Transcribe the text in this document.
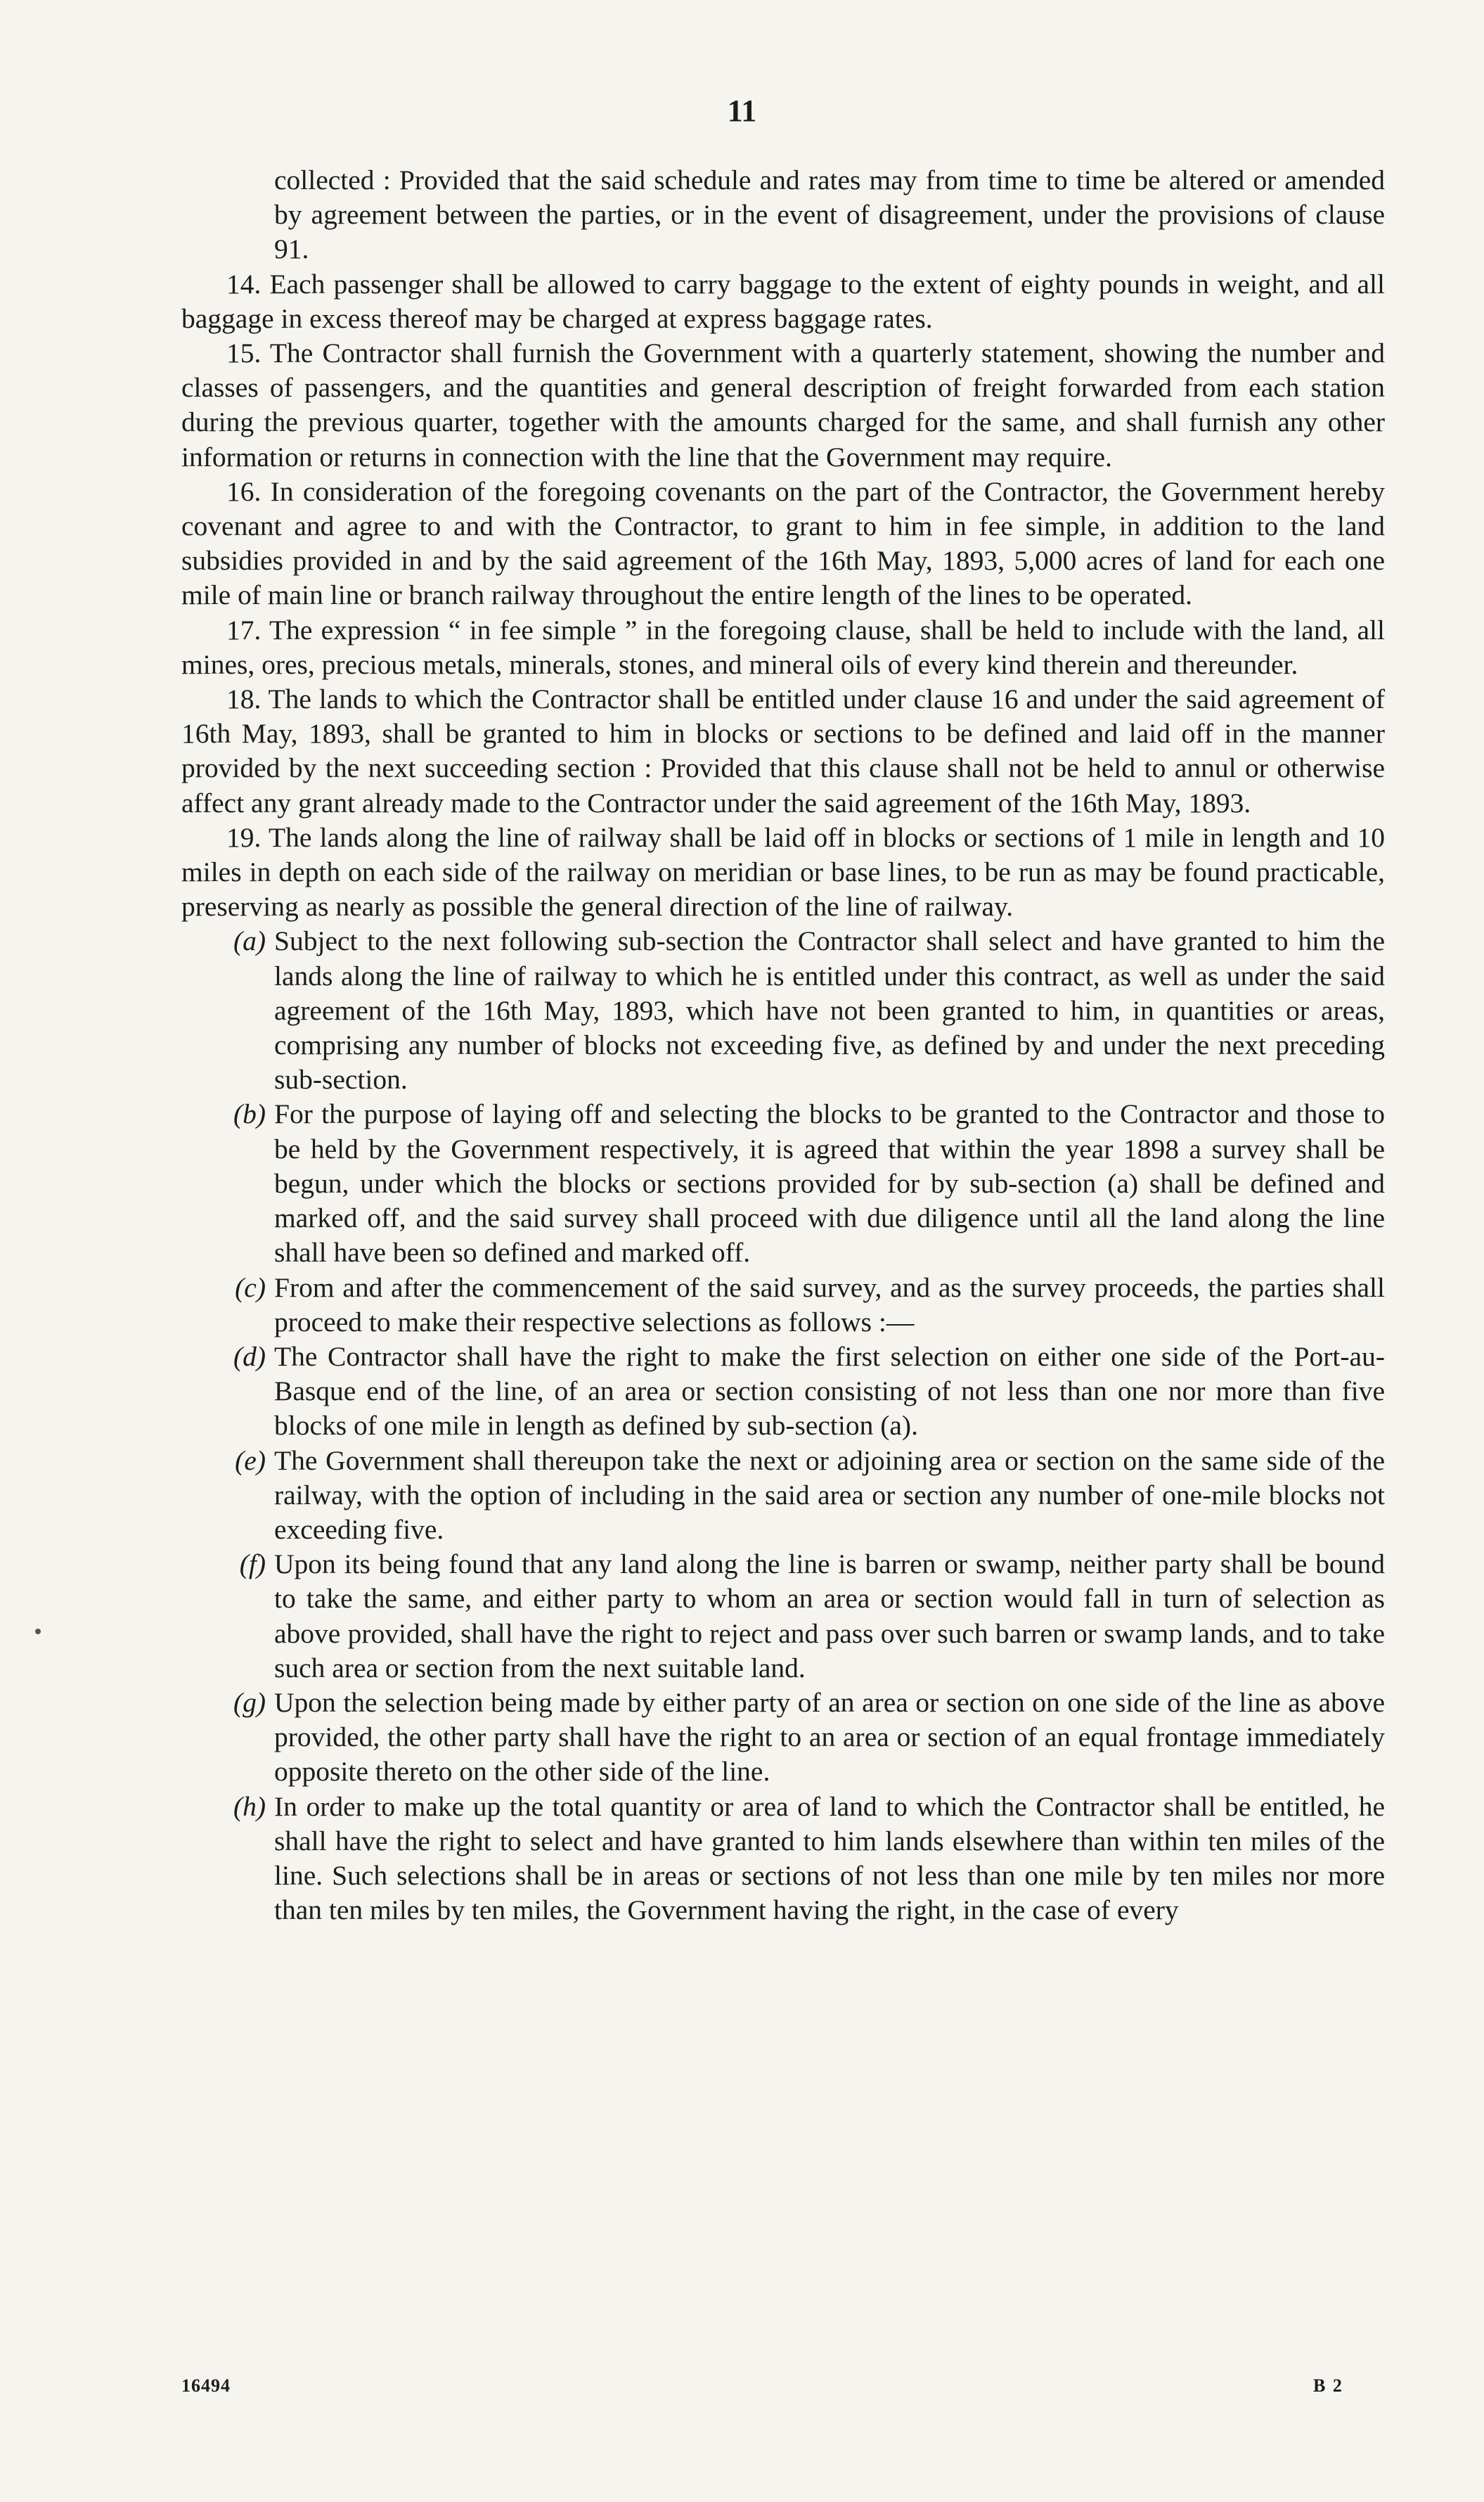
11

collected : Provided that the said schedule and rates may from time to time be altered or amended by agreement between the parties, or in the event of disagreement, under the provisions of clause 91.

14. Each passenger shall be allowed to carry baggage to the extent of eighty pounds in weight, and all baggage in excess thereof may be charged at express baggage rates.

15. The Contractor shall furnish the Government with a quarterly statement, showing the number and classes of passengers, and the quantities and general description of freight forwarded from each station during the previous quarter, together with the amounts charged for the same, and shall furnish any other information or returns in connection with the line that the Government may require.

16. In consideration of the foregoing covenants on the part of the Contractor, the Government hereby covenant and agree to and with the Contractor, to grant to him in fee simple, in addition to the land subsidies provided in and by the said agreement of the 16th May, 1893, 5,000 acres of land for each one mile of main line or branch railway throughout the entire length of the lines to be operated.

17. The expression “ in fee simple ” in the foregoing clause, shall be held to include with the land, all mines, ores, precious metals, minerals, stones, and mineral oils of every kind therein and thereunder.

18. The lands to which the Contractor shall be entitled under clause 16 and under the said agreement of 16th May, 1893, shall be granted to him in blocks or sections to be defined and laid off in the manner provided by the next succeeding section : Provided that this clause shall not be held to annul or otherwise affect any grant already made to the Contractor under the said agreement of the 16th May, 1893.

19. The lands along the line of railway shall be laid off in blocks or sections of 1 mile in length and 10 miles in depth on each side of the railway on meridian or base lines, to be run as may be found practicable, preserving as nearly as possible the general direction of the line of railway.

(a) Subject to the next following sub-section the Contractor shall select and have granted to him the lands along the line of railway to which he is entitled under this contract, as well as under the said agreement of the 16th May, 1893, which have not been granted to him, in quantities or areas, comprising any number of blocks not exceeding five, as defined by and under the next preceding sub-section.

(b) For the purpose of laying off and selecting the blocks to be granted to the Contractor and those to be held by the Government respectively, it is agreed that within the year 1898 a survey shall be begun, under which the blocks or sections provided for by sub-section (a) shall be defined and marked off, and the said survey shall proceed with due diligence until all the land along the line shall have been so defined and marked off.

(c) From and after the commencement of the said survey, and as the survey proceeds, the parties shall proceed to make their respective selections as follows :—

(d) The Contractor shall have the right to make the first selection on either one side of the Port-au-Basque end of the line, of an area or section consisting of not less than one nor more than five blocks of one mile in length as defined by sub-section (a).

(e) The Government shall thereupon take the next or adjoining area or section on the same side of the railway, with the option of including in the said area or section any number of one-mile blocks not exceeding five.

(f) Upon its being found that any land along the line is barren or swamp, neither party shall be bound to take the same, and either party to whom an area or section would fall in turn of selection as above provided, shall have the right to reject and pass over such barren or swamp lands, and to take such area or section from the next suitable land.

(g) Upon the selection being made by either party of an area or section on one side of the line as above provided, the other party shall have the right to an area or section of an equal frontage immediately opposite thereto on the other side of the line.

(h) In order to make up the total quantity or area of land to which the Contractor shall be entitled, he shall have the right to select and have granted to him lands elsewhere than within ten miles of the line. Such selections shall be in areas or sections of not less than one mile by ten miles nor more than ten miles by ten miles, the Government having the right, in the case of every

16494	B 2
